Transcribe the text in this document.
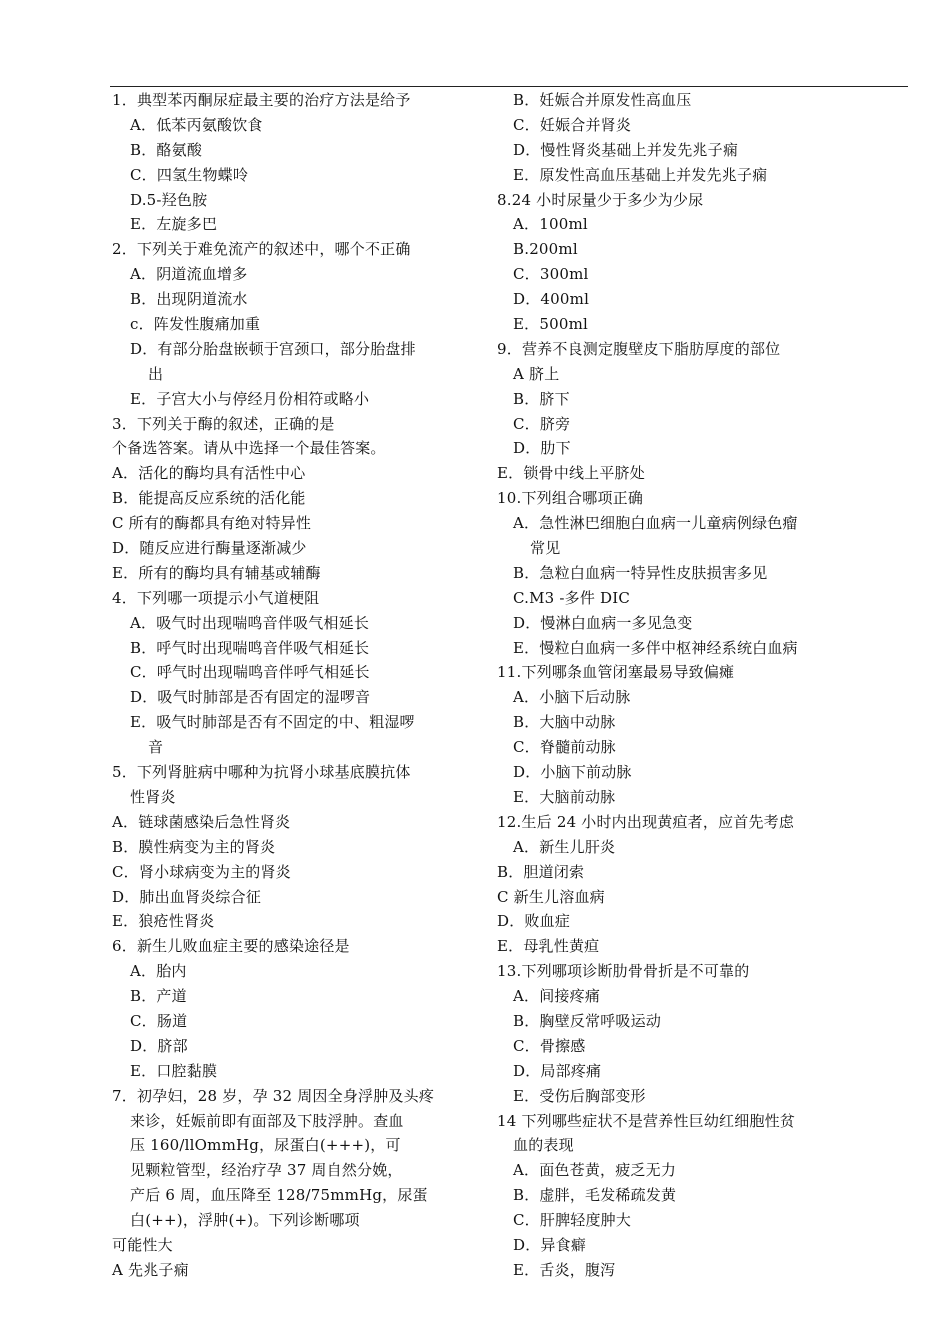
1．典型苯丙酮尿症最主要的治疗方法是给予
A．低苯丙氨酸饮食
B．酪氨酸
C．四氢生物蝶呤
D.5-羟色胺
E．左旋多巴
2．下列关于难免流产的叙述中，哪个不正确
A．阴道流血增多
B．出现阴道流水
c．阵发性腹痛加重
D．有部分胎盘嵌顿于宫颈口，部分胎盘排
出
E．子宫大小与停经月份相符或略小
3．下列关于酶的叙述，正确的是
个备选答案。请从中选择一个最佳答案。
A．活化的酶均具有活性中心
B．能提高反应系统的活化能
C 所有的酶都具有绝对特异性
D．随反应进行酶量逐渐减少
E．所有的酶均具有辅基或辅酶
4．下列哪一项提示小气道梗阻
A．吸气时出现喘鸣音伴吸气相延长
B．呼气时出现喘鸣音伴吸气相延长
C．呼气时出现喘鸣音伴呼气相延长
D．吸气时肺部是否有固定的湿啰音
E．吸气时肺部是否有不固定的中、粗湿啰
音
5．下列肾脏病中哪种为抗肾小球基底膜抗体
性肾炎
A．链球菌感染后急性肾炎
B．膜性病变为主的肾炎
C．肾小球病变为主的肾炎
D．肺出血肾炎综合征
E．狼疮性肾炎
6．新生儿败血症主要的感染途径是
A．胎内
B．产道
C．肠道
D．脐部
E．口腔黏膜
7．初孕妇，28 岁，孕 32 周因全身浮肿及头疼
来诊，妊娠前即有面部及下肢浮肿。查血
压 160/llOmmHg，尿蛋白(+++)，可
见颗粒管型，经治疗孕 37 周自然分娩，
产后 6 周，血压降至 128/75mmHg，尿蛋
白(++)，浮肿(+)。下列诊断哪项
可能性大
A 先兆子痫
B．妊娠合并原发性高血压
C．妊娠合并肾炎
D．慢性肾炎基础上并发先兆子痫
E．原发性高血压基础上并发先兆子痫
8.24 小时尿量少于多少为少尿
A．100ml
B.200ml
C．300ml
D．400ml
E．500ml
9．营养不良测定腹壁皮下脂肪厚度的部位
A 脐上
B．脐下
C．脐旁
D．肋下
E．锁骨中线上平脐处
10.下列组合哪项正确
A．急性淋巴细胞白血病一儿童病例绿色瘤
常见
B．急粒白血病一特异性皮肤损害多见
C.M3 -多件 DIC
D．慢淋白血病一多见急变
E．慢粒白血病一多伴中枢神经系统白血病
11.下列哪条血管闭塞最易导致偏瘫
A．小脑下后动脉
B．大脑中动脉
C．脊髓前动脉
D．小脑下前动脉
E．大脑前动脉
12.生后 24 小时内出现黄疸者，应首先考虑
A．新生儿肝炎
B．胆道闭索
C 新生儿溶血病
D．败血症
E．母乳性黄疸
13.下列哪项诊断肋骨骨折是不可靠的
A．间接疼痛
B．胸壁反常呼吸运动
C．骨擦感
D．局部疼痛
E．受伤后胸部变形
14 下列哪些症状不是营养性巨幼红细胞性贫
血的表现
A．面色苍黄，疲乏无力
B．虚胖，毛发稀疏发黄
C．肝脾轻度肿大
D．异食癖
E．舌炎，腹泻
